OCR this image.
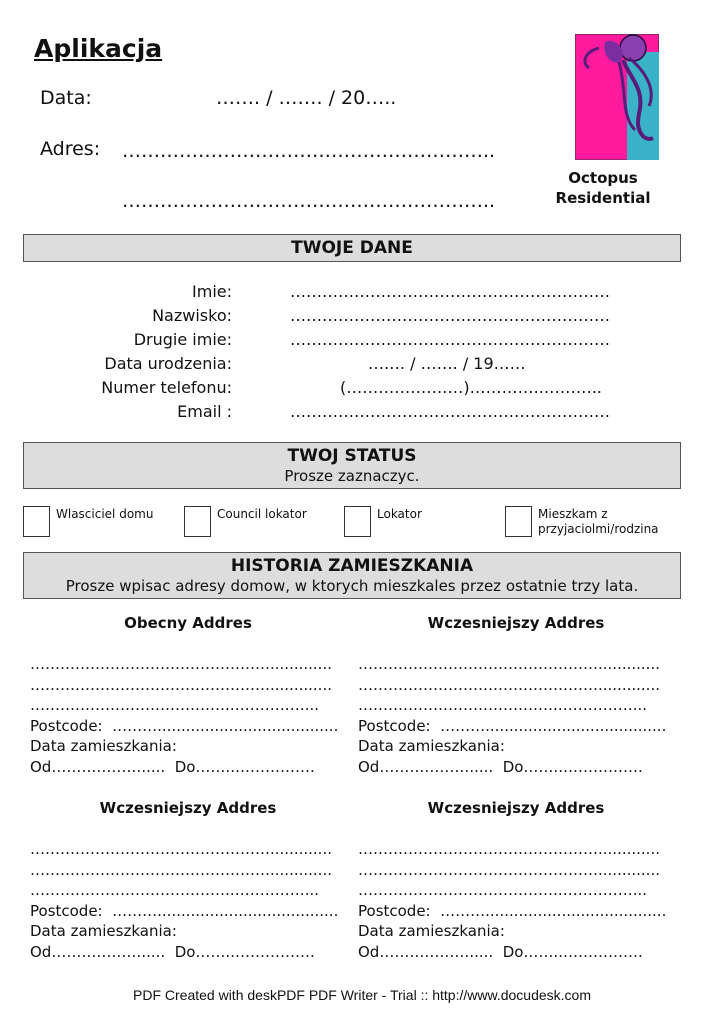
Aplikacja
Data:	……. / ……. / 20…..
Adres: …………………………………………………..
…………………………………………………..
Octopus
Residential
TWOJE DANE
Imie:	……………………………………………………
Nazwisko:	……………………………………………………
Drugie imie:	……………………………………………………
Data urodzenia:	….… / ……. / 19……
Numer telefonu:	(……………….…)…………..………..
Email :	……………………………………………………
TWOJ STATUS
Prosze zaznaczyc.
Wlasciciel domu	Council lokator	Lokator	Mieszkam z przyjaciolmi/rodzina
HISTORIA ZAMIESZKANIA
Prosze wpisac adresy domow, w ktorych mieszkales przez ostatnie trzy lata.
Obecny Addres
………………………………………….............
………………………………………….............
………………………………….……………...
Postcode:  ………......................................
Data zamieszkania:
Od……………….....  Do……..…………….
Wczesniejszy Addres
………………………………………….............
………………………………………….............
………………………………….……………...
Postcode:  ………......................................
Data zamieszkania:
Od……………….....  Do……..…………….
Wczesniejszy Addres
………………………………………….............
………………………………………….............
………………………………….……………...
Postcode:  ………......................................
Data zamieszkania:
Od……………….....  Do……..…………….
Wczesniejszy Addres
………………………………………….............
………………………………………….............
………………………………….……………...
Postcode:  ………......................................
Data zamieszkania:
Od……………….....  Do……..…………….
PDF Created with deskPDF PDF Writer - Trial :: http://www.docudesk.com
